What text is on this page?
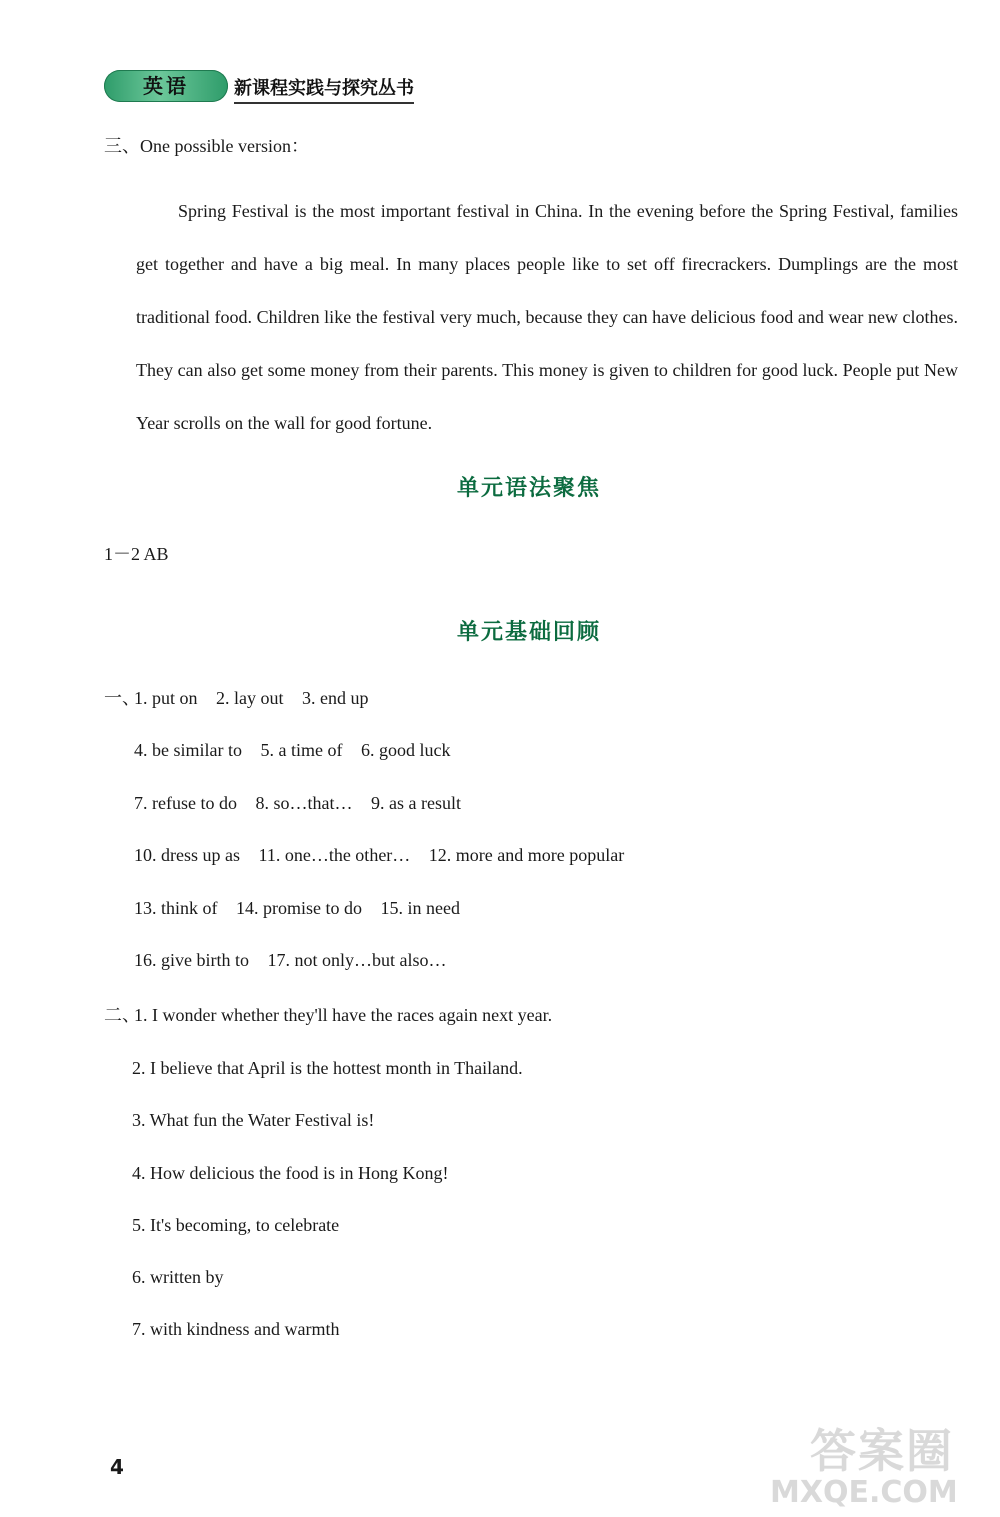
英语	新课程实践与探究丛书
三、One possible version：
Spring Festival is the most important festival in China. In the evening before the Spring Festival, families get together and have a big meal. In many places people like to set off firecrackers. Dumplings are the most traditional food. Children like the festival very much, because they can have delicious food and wear new clothes. They can also get some money from their parents. This money is given to children for good luck. People put New Year scrolls on the wall for good fortune.
单元语法聚焦
1－2 AB
单元基础回顾
一、
1. put on 2. lay out 3. end up
4. be similar to 5. a time of 6. good luck
7. refuse to do 8. so…that… 9. as a result
10. dress up as 11. one…the other… 12. more and more popular
13. think of 14. promise to do 15. in need
16. give birth to 17. not only…but also…
二、
1. I wonder whether they'll have the races again next year.
2. I believe that April is the hottest month in Thailand.
3. What fun the Water Festival is!
4. How delicious the food is in Hong Kong!
5. It's becoming, to celebrate
6. written by
7. with kindness and warmth
4	答案圈
MXQE.COM
